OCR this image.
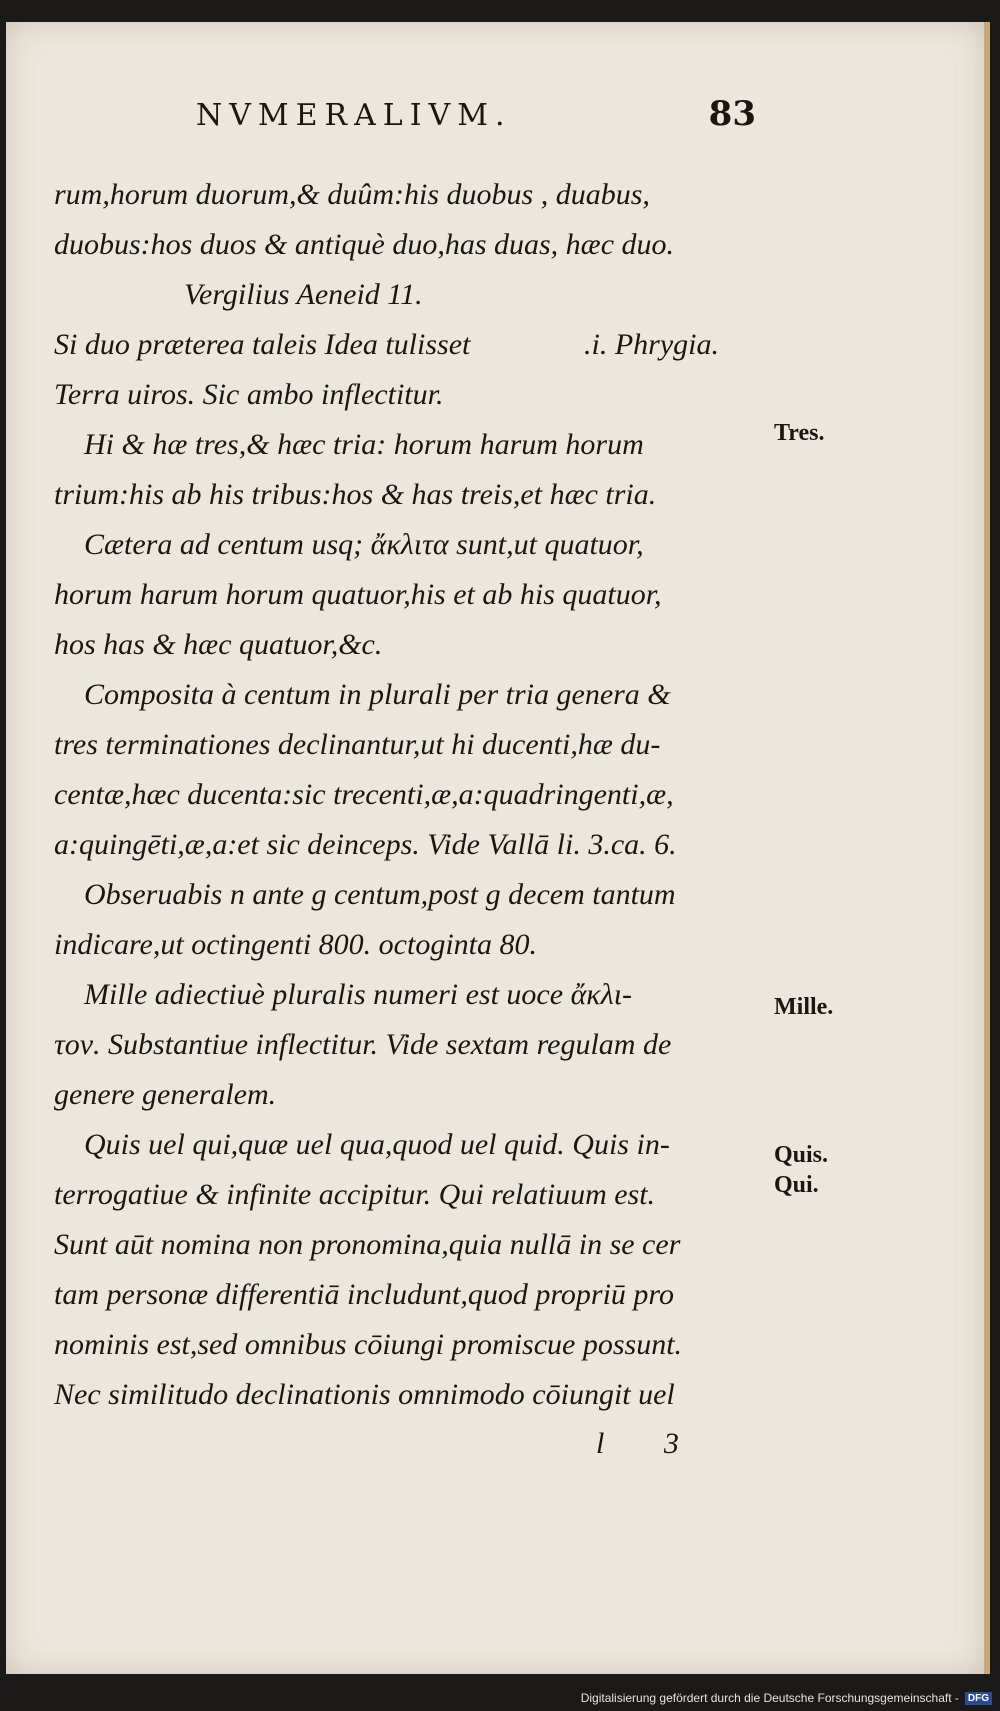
NVMERALIVM.	83
rum,horum duorum,& duûm:his duobus , duabus,
duobus:hos duos & antiquè duo,has duas, hæc duo.
Vergilius Aeneid 11.
Si duo præterea taleis Idea tulisset	.i. Phrygia.
Terra uiros. Sic ambo inflectitur.
Hi & hæ tres,& hæc tria: horum harum horum
trium:his ab his tribus:hos & has treis,et hæc tria.
Cætera ad centum usq; ἄκλιτα sunt,ut quatuor,
horum harum horum quatuor,his et ab his quatuor,
hos has & hæc quatuor,&c.
Composita à centum in plurali per tria genera &
tres terminationes declinantur,ut hi ducenti,hæ du-
centæ,hæc ducenta:sic trecenti,æ,a:quadringenti,æ,
a:quingēti,æ,a:et sic deinceps. Vide Vallā li. 3.ca. 6.
Obseruabis n ante g centum,post g decem tantum
indicare,ut octingenti 800. octoginta 80.
Mille adiectiuè pluralis numeri est uoce ἄκλι-
τον. Substantiue inflectitur. Vide sextam regulam de
genere generalem.
Quis uel qui,quæ uel qua,quod uel quid. Quis in-
terrogatiue & infinite accipitur. Qui relatiuum est.
Sunt aūt nomina non pronomina,quia nullā in se cer
tam personæ differentiā includunt,quod propriū pro
nominis est,sed omnibus cōiungi promiscue possunt.
Nec similitudo declinationis omnimodo cōiungit uel
Tres.
Mille.
Quis.
Qui.
l 3
Digitalisierung gefördert durch die Deutsche Forschungsgemeinschaft - DFG
